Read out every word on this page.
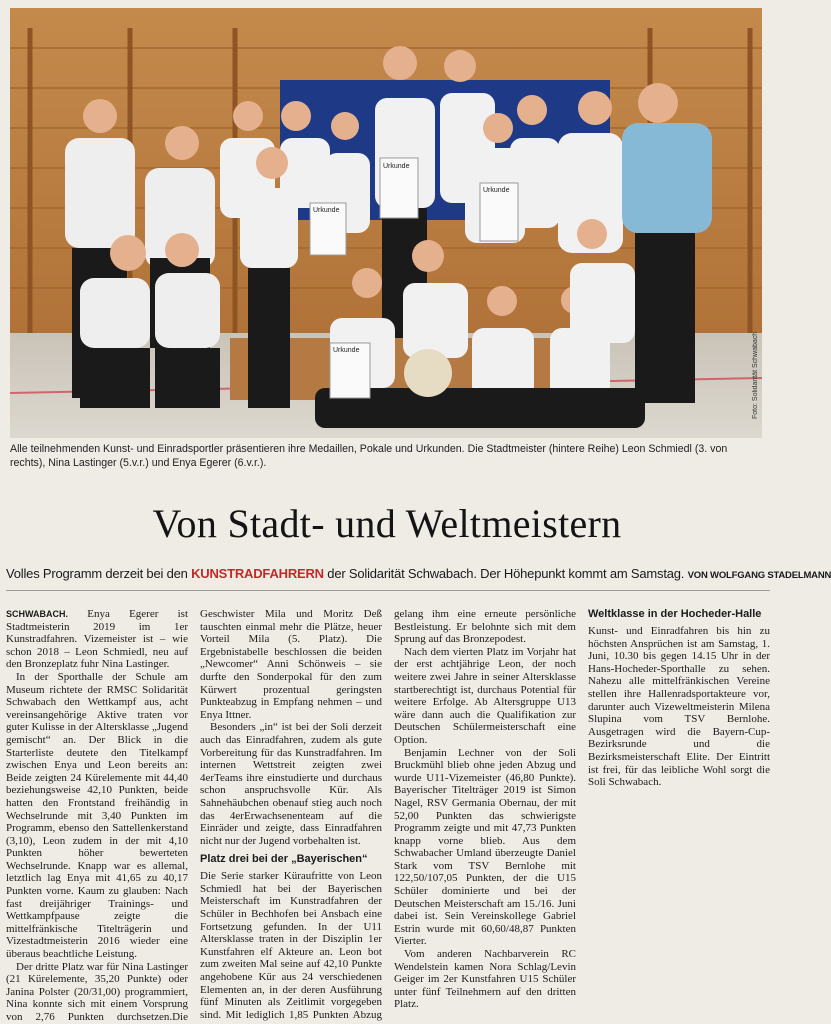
Urkunde
Urkunde
Urkunde
Urkunde	Foto: Solidarität Schwabach
Alle teilnehmenden Kunst- und Einradsportler präsentieren ihre Medaillen, Pokale und Urkunden. Die Stadtmeister (hintere Reihe) Leon Schmiedl (3. von rechts), Nina Lastinger (5.v.r.) und Enya Egerer (6.v.r.).
Von Stadt- und Weltmeistern
Volles Programm derzeit bei den KUNSTRADFAHRERN der Solidarität Schwabach. Der Höhepunkt kommt am Samstag. VON WOLFGANG STADELMANN

SCHWABACH. Enya Egerer ist Stadtmeisterin 2019 im 1er Kunstradfahren. Vizemeister ist – wie schon 2018 – Leon Schmiedl, neu auf den Bronzeplatz fuhr Nina Lastinger.

In der Sporthalle der Schule am Museum richtete der RMSC Solidarität Schwabach den Wettkampf aus, acht vereinsangehörige Aktive traten vor guter Kulisse in der Altersklasse „Jugend gemischt“ an. Der Blick in die Starterliste deutete den Titelkampf zwischen Enya und Leon bereits an: Beide zeigten 24 Kürelemente mit 44,40 beziehungsweise 42,10 Punkten, beide hatten den Frontstand freihändig in Wechselrunde mit 3,40 Punkten im Programm, ebenso den Sattellenkerstand (3,10), Leon zudem in der mit 4,10 Punkten höher bewerteten Wechselrunde. Knapp war es allemal, letztlich lag Enya mit 41,65 zu 40,17 Punkten vorne. Kaum zu glauben: Nach fast dreijähriger Trainings- und Wettkampfpause zeigte die mittelfränkische Titelträgerin und Vizestadtmeisterin 2016 wieder eine überaus beachtliche Leistung.

Der dritte Platz war für Nina Lastinger (21 Kürelemente, 35,20 Punkte) oder Janina Polster (20/31,00) programmiert, Nina konnte sich mit einem Vorsprung von 2,76 Punkten durchsetzen.Die Geschwister Mila und Moritz Deß tauschten einmal mehr die Plätze, heuer Vorteil Mila (5. Platz). Die Ergebnistabelle beschlossen die beiden „Newcomer“ Anni Schönweis – sie durfte den Sonderpokal für den zum Kürwert prozentual geringsten Punkteabzug in Empfang nehmen – und Enya Ittner.

Besonders „in“ ist bei der Soli derzeit auch das Einradfahren, zudem als gute Vorbereitung für das Kunstradfahren. Im internen Wettstreit zeigten zwei 4erTeams ihre einstudierte und durchaus schon anspruchsvolle Kür. Als Sahnehäubchen obenauf stieg auch noch das 4erErwachsenenteam auf die Einräder und zeigte, dass Einradfahren nicht nur der Jugend vorbehalten ist.

Platz drei bei der „Bayerischen“

Die Serie starker Küraufritte von Leon Schmiedl hat bei der Bayerischen Meisterschaft im Kunstradfahren der Schüler in Bechhofen bei Ansbach eine Fortsetzung gefunden. In der U11 Altersklasse traten in der Disziplin 1er Kunstfahren elf Akteure an. Leon bot zum zweiten Mal seine auf 42,10 Punkte angehobene Kür aus 24 verschiedenen Elementen an, in der deren Ausführung fünf Minuten als Zeitlimit vorgegeben sind. Mit lediglich 1,85 Punkten Abzug gelang ihm eine erneute persönliche Bestleistung. Er belohnte sich mit dem Sprung auf das Bronzepodest.

Nach dem vierten Platz im Vorjahr hat der erst achtjährige Leon, der noch weitere zwei Jahre in seiner Altersklasse startberechtigt ist, durchaus Potential für weitere Erfolge. Ab Altersgruppe U13 wäre dann auch die Qualifikation zur Deutschen Schülermeisterschaft eine Option.

Benjamin Lechner von der Soli Bruckmühl blieb ohne jeden Abzug und wurde U11-Vizemeister (46,80 Punkte). Bayerischer Titelträger 2019 ist Simon Nagel, RSV Germania Obernau, der mit 52,00 Punkten das schwierigste Programm zeigte und mit 47,73 Punkten knapp vorne blieb. Aus dem Schwabacher Umland überzeugte Daniel Stark vom TSV Bernlohe mit 122,50/107,05 Punkten, der die U15 Schüler dominierte und bei der Deutschen Meisterschaft am 15./16. Juni dabei ist. Sein Vereinskollege Gabriel Estrin wurde mit 60,60/48,87 Punkten Vierter.

Vom anderen Nachbarverein RC Wendelstein kamen Nora Schlag/Levin Geiger im 2er Kunstfahren U15 Schüler unter fünf Teilnehmern auf den dritten Platz.

Weltklasse in der Hocheder-Halle

Kunst- und Einradfahren bis hin zu höchsten Ansprüchen ist am Samstag, 1. Juni, 10.30 bis gegen 14.15 Uhr in der Hans-Hocheder-Sporthalle zu sehen. Nahezu alle mittelfränkischen Vereine stellen ihre Hallenradsportakteure vor, darunter auch Vizeweltmeisterin Milena Slupina vom TSV Bernlohe. Ausgetragen wird die Bayern-Cup-Bezirksrunde und die Bezirksmeisterschaft Elite. Der Eintritt ist frei, für das leibliche Wohl sorgt die Soli Schwabach.
